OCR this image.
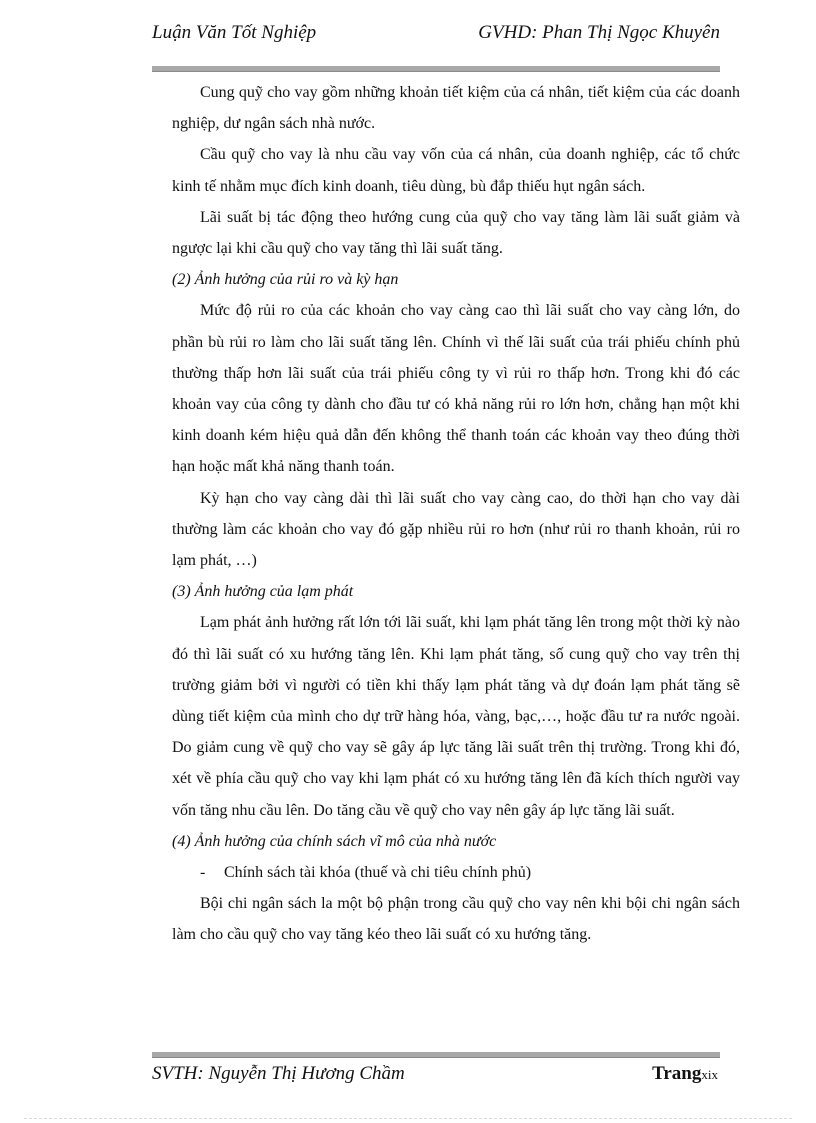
Luận Văn Tốt Nghiệp	GVHD: Phan Thị Ngọc Khuyên

Cung quỹ cho vay gồm những khoản tiết kiệm của cá nhân, tiết kiệm của các doanh nghiệp, dư ngân sách nhà nước.

Cầu quỹ cho vay là nhu cầu vay vốn của cá nhân, của doanh nghiệp, các tổ chức kinh tế nhằm mục đích kinh doanh, tiêu dùng, bù đắp thiếu hụt ngân sách.

Lãi suất bị tác động theo hướng cung của quỹ cho vay tăng làm lãi suất giảm và ngược lại khi cầu quỹ cho vay tăng thì lãi suất tăng.

(2) Ảnh hưởng của rủi ro và kỳ hạn

Mức độ rủi ro của các khoản cho vay càng cao thì lãi suất cho vay càng lớn, do phần bù rủi ro làm cho lãi suất tăng lên. Chính vì thế lãi suất của trái phiếu chính phủ thường thấp hơn lãi suất của trái phiếu công ty vì rủi ro thấp hơn. Trong khi đó các khoản vay của công ty dành cho đầu tư có khả năng rủi ro lớn hơn, chẳng hạn một khi kinh doanh kém hiệu quả dẫn đến không thể thanh toán các khoản vay theo đúng thời hạn hoặc mất khả năng thanh toán.

Kỳ hạn cho vay càng dài thì lãi suất cho vay càng cao, do thời hạn cho vay dài thường làm các khoản cho vay đó gặp nhiều rủi ro hơn (như rủi ro thanh khoản, rủi ro lạm phát, …)

(3) Ảnh hưởng của lạm phát

Lạm phát ảnh hưởng rất lớn tới lãi suất, khi lạm phát tăng lên trong một thời kỳ nào đó thì lãi suất có xu hướng tăng lên. Khi lạm phát tăng, số cung quỹ cho vay trên thị trường giảm bởi vì người có tiền khi thấy lạm phát tăng và dự đoán lạm phát tăng sẽ dùng tiết kiệm của mình cho dự trữ hàng hóa, vàng, bạc,…, hoặc đầu tư ra nước ngoài. Do giảm cung về quỹ cho vay sẽ gây áp lực tăng lãi suất trên thị trường. Trong khi đó, xét về phía cầu quỹ cho vay khi lạm phát có xu hướng tăng lên đã kích thích người vay vốn tăng nhu cầu lên. Do tăng cầu về quỹ cho vay nên gây áp lực tăng lãi suất.

(4) Ảnh hưởng của chính sách vĩ mô của nhà nước

- Chính sách tài khóa (thuế và chi tiêu chính phủ)

Bội chi ngân sách la một bộ phận trong cầu quỹ cho vay nên khi bội chi ngân sách làm cho cầu quỹ cho vay tăng kéo theo lãi suất có xu hướng tăng.

SVTH: Nguyễn Thị Hương Chầm	Trangxix
